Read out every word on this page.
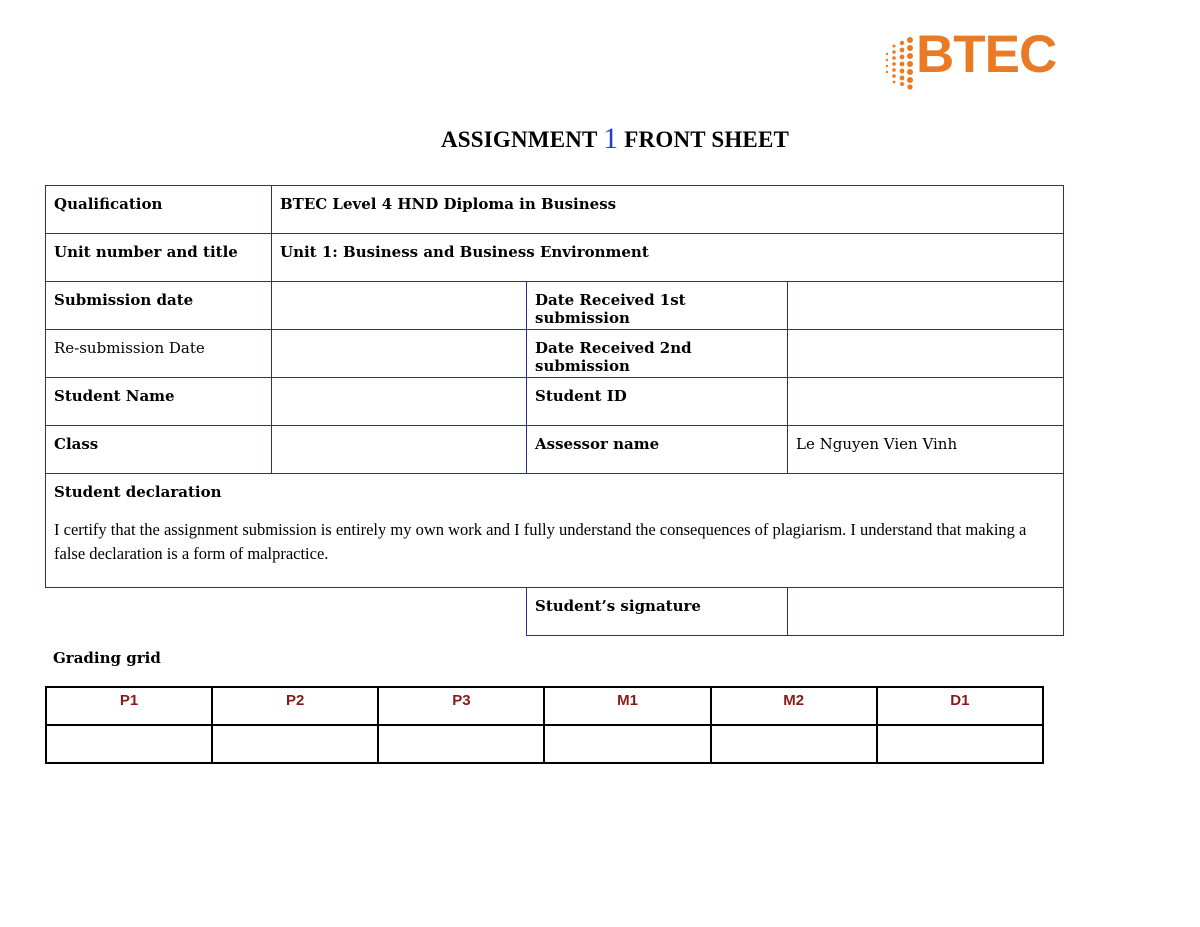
BTEC
ASSIGNMENT 1 FRONT SHEET
Qualification	BTEC Level 4 HND Diploma in Business		
Unit number and title	Unit 1: Business and Business Environment		
Submission date		Date Received 1st submission	
Re-submission Date		Date Received 2nd submission	
Student Name		Student ID	
Class		Assessor name	Le Nguyen Vien Vinh

Student declaration
I certify that the assignment submission is entirely my own work and I fully understand the consequences of plagiarism. I understand that making a false declaration is a form of malpractice.			

		Student’s signature	
Grading grid
P1	P2	P3	M1	M2	D1
